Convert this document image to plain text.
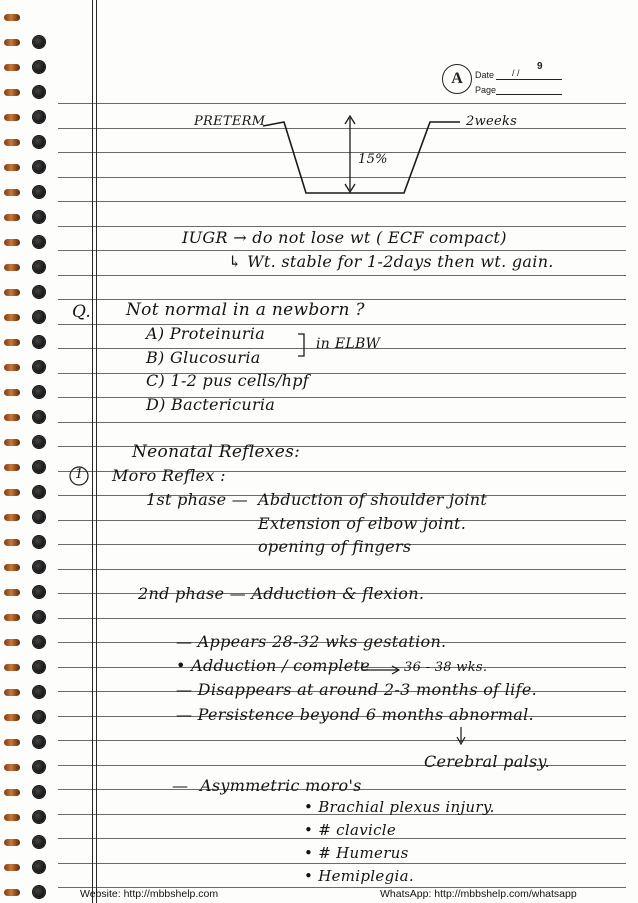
A
9
Date / /
Page
PRETERM	2weeks
15%
IUGR → do not lose wt ( ECF compact)
↳ Wt. stable for 1-2days then wt. gain.
Q. Not normal in a newborn ?
A) Proteinuria
B) Glucosuria
C) 1-2 pus cells/hpf
D) Bactericuria
in ELBW
Neonatal Reflexes:
1 Moro Reflex :
1st phase — Abduction of shoulder joint
Extension of elbow joint.
opening of fingers
2nd phase — Adduction & flexion.
— Appears 28-32 wks gestation.
• Adduction / complete	36 - 38 wks.
— Disappears at around 2-3 months of life.
— Persistence beyond 6 months abnormal.
Cerebral palsy.
— Asymmetric moro's
• Brachial plexus injury.
• # clavicle
• # Humerus
• Hemiplegia.
Website: http://mbbshelp.com	WhatsApp: http://mbbshelp.com/whatsapp
